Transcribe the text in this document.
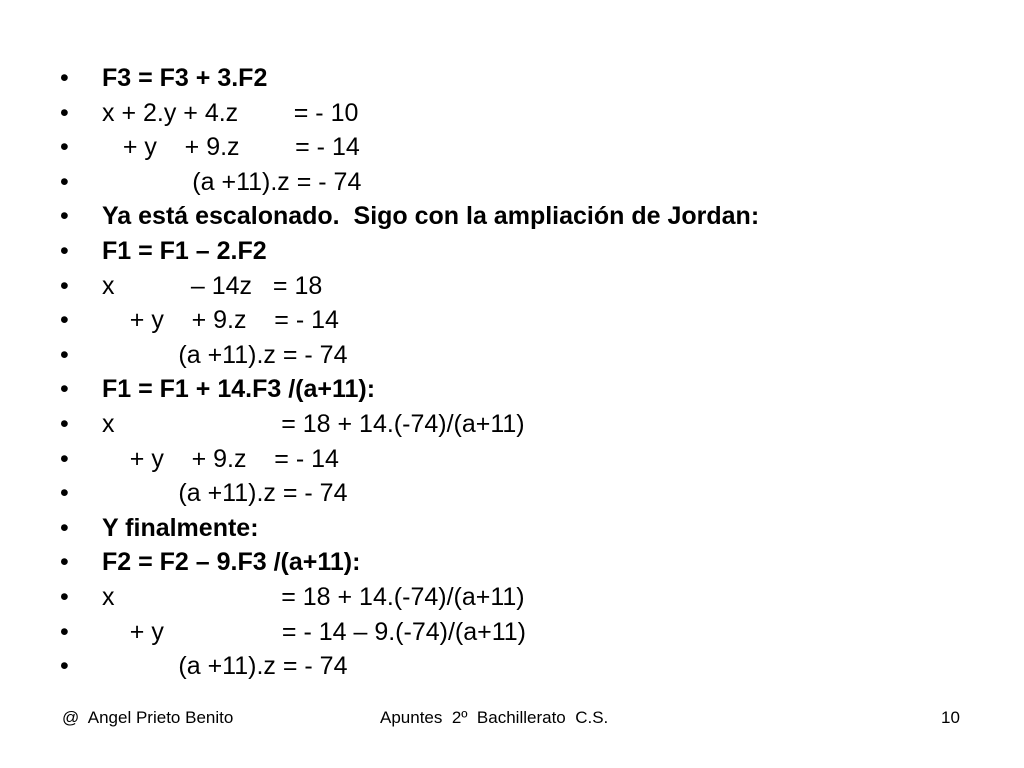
• F3 = F3 + 3.F2
• x + 2.y + 4.z        = - 10
• + y    + 9.z        = - 14
• (a +11).z = - 74
• Ya está escalonado.  Sigo con la ampliación de Jordan:
• F1 = F1 – 2.F2
• x           – 14z   = 18
• + y    + 9.z    = - 14
• (a +11).z = - 74
• F1 = F1 + 14.F3 /(a+11):
• x                        = 18 + 14.(-74)/(a+11)
• + y    + 9.z    = - 14
• (a +11).z = - 74
• Y finalmente:
• F2 = F2 – 9.F3 /(a+11):
• x                        = 18 + 14.(-74)/(a+11)
• + y                 = - 14 – 9.(-74)/(a+11)
• (a +11).z = - 74
@  Angel Prieto Benito	Apuntes  2º  Bachillerato  C.S.	10
